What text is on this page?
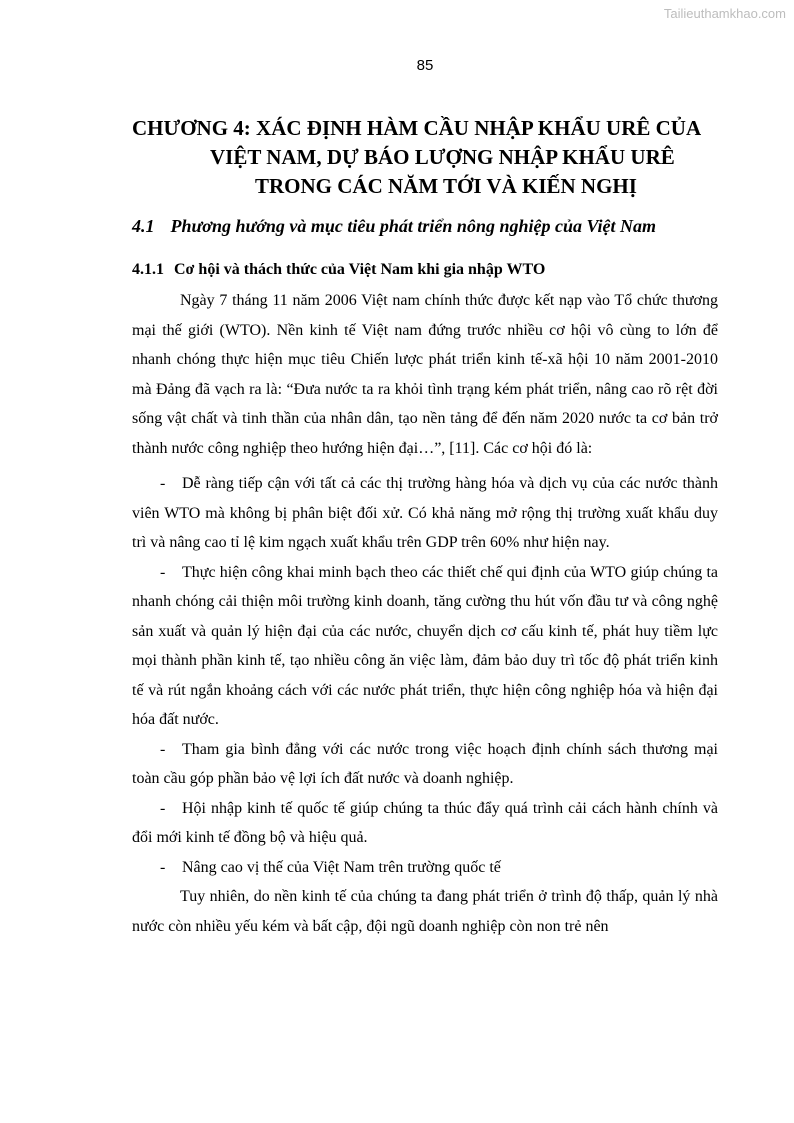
Tailieuthamkhao.com
85
CHƯƠNG 4: XÁC ĐỊNH HÀM CẦU NHẬP KHẨU URÊ CỦA
VIỆT NAM, DỰ BÁO LƯỢNG NHẬP KHẨU URÊ
TRONG CÁC NĂM TỚI VÀ KIẾN NGHỊ
4.1 Phương hướng và mục tiêu phát triển nông nghiệp của Việt Nam
4.1.1 Cơ hội và thách thức của Việt Nam khi gia nhập WTO

Ngày 7 tháng 11 năm 2006 Việt nam chính thức được kết nạp vào Tổ chức thương mại thế giới (WTO). Nền kinh tế Việt nam đứng trước nhiều cơ hội vô cùng to lớn để nhanh chóng thực hiện mục tiêu Chiến lược phát triển kinh tế-xã hội 10 năm 2001-2010 mà Đảng đã vạch ra là: “Đưa nước ta ra khỏi tình trạng kém phát triển, nâng cao rõ rệt đời sống vật chất và tinh thần của nhân dân, tạo nền tảng để đến năm 2020 nước ta cơ bản trở thành nước công nghiệp theo hướng hiện đại…”, [11]. Các cơ hội đó là:

- Dễ ràng tiếp cận với tất cả các thị trường hàng hóa và dịch vụ của các nước thành viên WTO mà không bị phân biệt đối xử. Có khả năng mở rộng thị trường xuất khẩu duy trì và nâng cao tỉ lệ kim ngạch xuất khẩu trên GDP trên 60% như hiện nay.

- Thực hiện công khai minh bạch theo các thiết chế qui định của WTO giúp chúng ta nhanh chóng cải thiện môi trường kinh doanh, tăng cường thu hút vốn đầu tư và công nghệ sản xuất và quản lý hiện đại của các nước, chuyển dịch cơ cấu kinh tế, phát huy tiềm lực mọi thành phần kinh tế, tạo nhiều công ăn việc làm, đảm bảo duy trì tốc độ phát triển kinh tế và rút ngắn khoảng cách với các nước phát triển, thực hiện công nghiệp hóa và hiện đại hóa đất nước.

- Tham gia bình đẳng với các nước trong việc hoạch định chính sách thương mại toàn cầu góp phần bảo vệ lợi ích đất nước và doanh nghiệp.

- Hội nhập kinh tế quốc tế giúp chúng ta thúc đẩy quá trình cải cách hành chính và đổi mới kinh tế đồng bộ và hiệu quả.

- Nâng cao vị thế của Việt Nam trên trường quốc tế

Tuy nhiên, do nền kinh tế của chúng ta đang phát triển ở trình độ thấp, quản lý nhà nước còn nhiều yếu kém và bất cập, đội ngũ doanh nghiệp còn non trẻ nên
